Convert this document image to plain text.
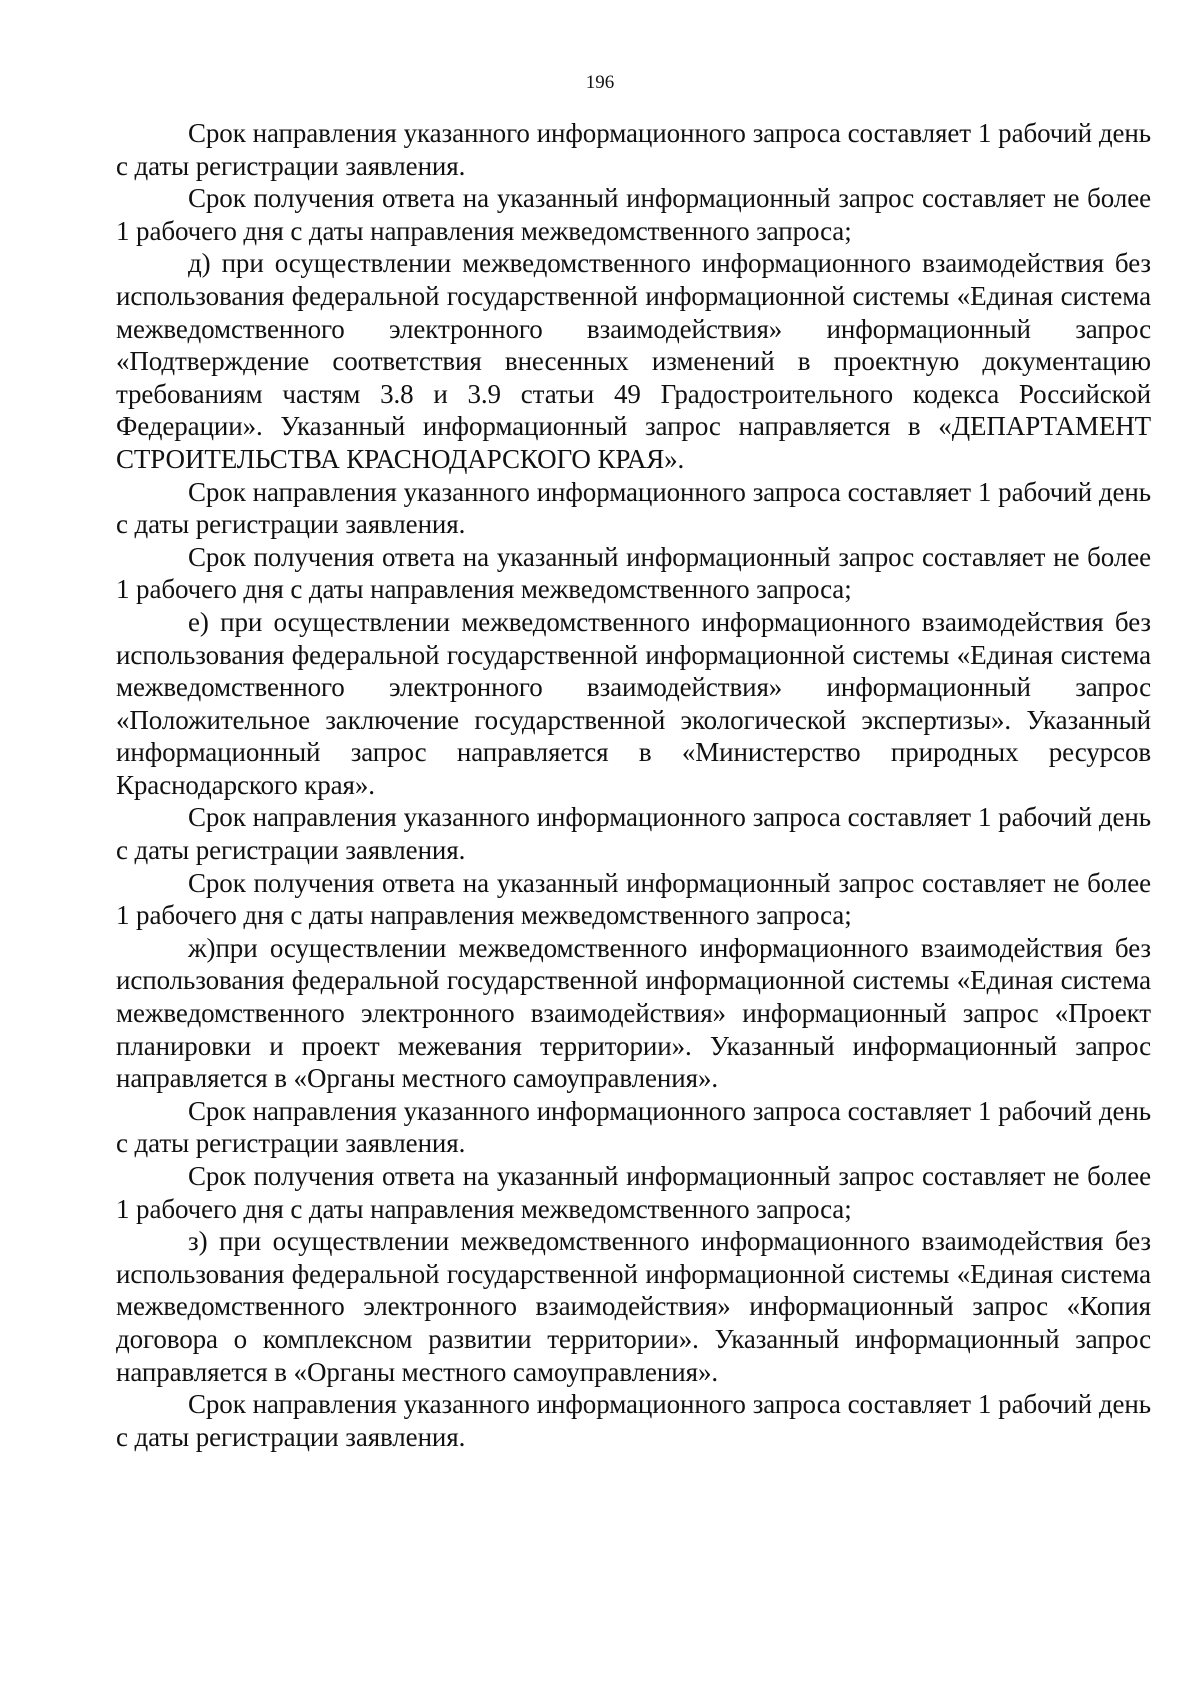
196

Срок направления указанного информационного запроса составляет 1 рабочий день с даты регистрации заявления.

Срок получения ответа на указанный информационный запрос составляет не более 1 рабочего дня с даты направления межведомственного запроса;

д) при осуществлении межведомственного информационного взаимодействия без использования федеральной государственной информационной системы «Единая система межведомственного электронного взаимодействия» информационный запрос «Подтверждение соответствия внесенных изменений в проектную документацию требованиям частям 3.8 и 3.9 статьи 49 Градостроительного кодекса Российской Федерации». Указанный информационный запрос направляется в «ДЕПАРТАМЕНТ СТРОИТЕЛЬСТВА КРАСНОДАРСКОГО КРАЯ».

Срок направления указанного информационного запроса составляет 1 рабочий день с даты регистрации заявления.

Срок получения ответа на указанный информационный запрос составляет не более 1 рабочего дня с даты направления межведомственного запроса;

е) при осуществлении межведомственного информационного взаимодействия без использования федеральной государственной информационной системы «Единая система межведомственного электронного взаимодействия» информационный запрос «Положительное заключение государственной экологической экспертизы». Указанный информационный запрос направляется в «Министерство природных ресурсов Краснодарского края».

Срок направления указанного информационного запроса составляет 1 рабочий день с даты регистрации заявления.

Срок получения ответа на указанный информационный запрос составляет не более 1 рабочего дня с даты направления межведомственного запроса;

ж)при осуществлении межведомственного информационного взаимодействия без использования федеральной государственной информационной системы «Единая система межведомственного электронного взаимодействия» информационный запрос «Проект планировки и проект межевания территории». Указанный информационный запрос направляется в «Органы местного самоуправления».

Срок направления указанного информационного запроса составляет 1 рабочий день с даты регистрации заявления.

Срок получения ответа на указанный информационный запрос составляет не более 1 рабочего дня с даты направления межведомственного запроса;

з) при осуществлении межведомственного информационного взаимодействия без использования федеральной государственной информационной системы «Единая система межведомственного электронного взаимодействия» информационный запрос «Копия договора о комплексном развитии территории». Указанный информационный запрос направляется в «Органы местного самоуправления».

Срок направления указанного информационного запроса составляет 1 рабочий день с даты регистрации заявления.
